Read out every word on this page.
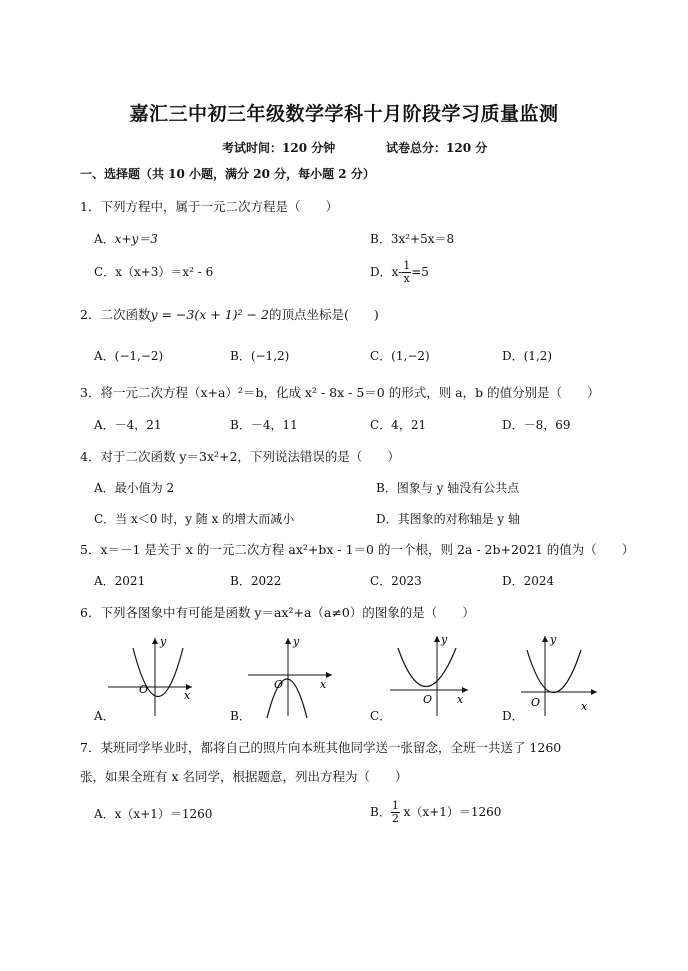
嘉汇三中初三年级数学学科十月阶段学习质量监测
考试时间：120 分钟	试卷总分：120 分
一、选择题（共 10 小题，满分 20 分，每小题 2 分）
1．下列方程中，属于一元二次方程是（　　）
A．x+y＝3	B．3x²+5x＝8
C．x（x+3）＝x² - 6	D．$x- \frac{1}{x} =5$
2．二次函数y = −3(x + 1)² − 2的顶点坐标是(　　)
A．(−1,−2)	B．(−1,2)	C．(1,−2)	D．(1,2)
3．将一元二次方程（x+a）²＝b，化成 x² - 8x - 5＝0 的形式，则 a，b 的值分别是（　　）
A．－4，21	B．－4，11	C．4，21	D．－8，69
4．对于二次函数 y＝3x²+2，下列说法错误的是（　　）
A．最小值为 2	B．图象与 y 轴没有公共点
C．当 x＜0 时，y 随 x 的增大而减小	D．其图象的对称轴是 y 轴
5．x＝－1 是关于 x 的一元二次方程 ax²+bx - 1＝0 的一个根，则 2a - 2b+2021 的值为（　　）
A．2021	B．2022	C．2023	D．2024
6．下列各图象中有可能是函数 y＝ax²+a（a≠0）的图象的是（　　）
y
x
O
A．
y
x
O
B．
y
x
O
C．
y
x
O
D．
7．某班同学毕业时，都将自己的照片向本班其他同学送一张留念，全班一共送了 1260
张，如果全班有 x 名同学，根据题意，列出方程为（　　）
A．x（x+1）＝1260	B． $\frac{1}{2} x(x+1)=1260$
